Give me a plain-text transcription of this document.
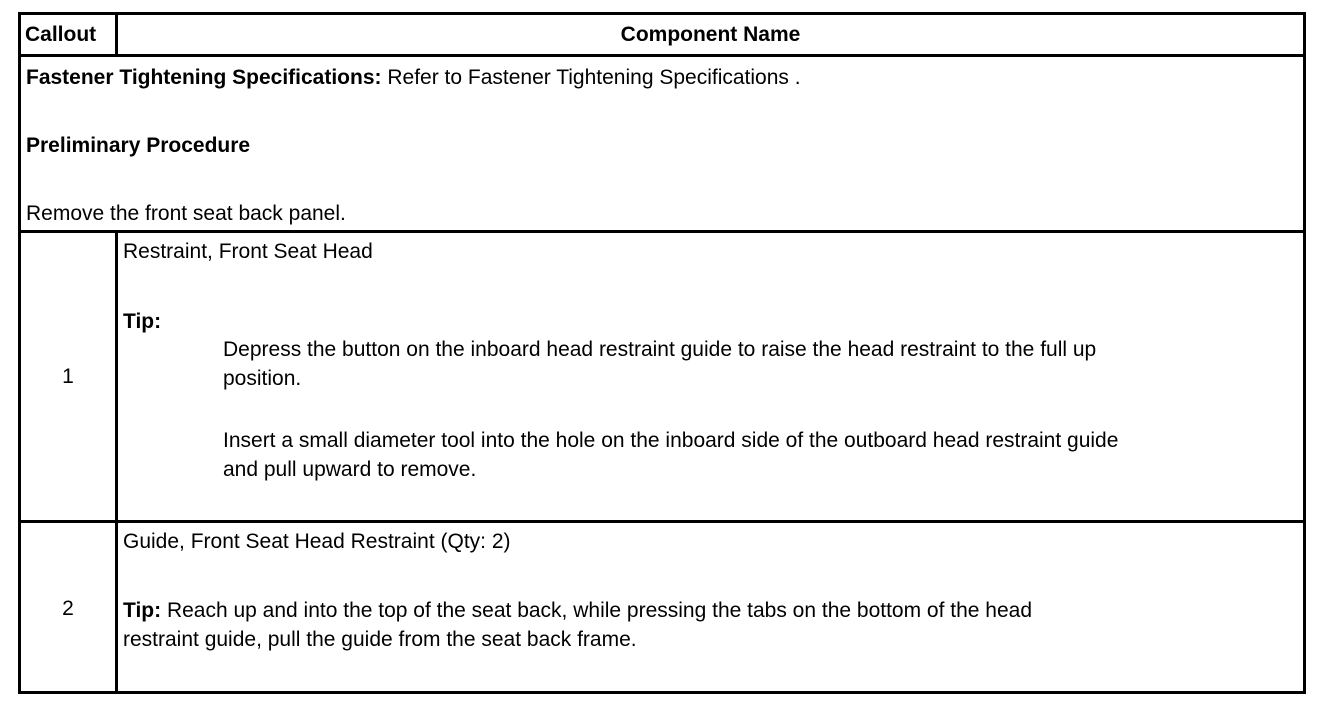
Callout	Component Name
Fastener Tightening Specifications: Refer to Fastener Tightening Specifications .
Preliminary Procedure
Remove the front seat back panel.
1
Restraint, Front Seat Head
Tip:
Depress the button on the inboard head restraint guide to raise the head restraint to the full up
position.
Insert a small diameter tool into the hole on the inboard side of the outboard head restraint guide
and pull upward to remove.
2
Guide, Front Seat Head Restraint (Qty: 2)
Tip: Reach up and into the top of the seat back, while pressing the tabs on the bottom of the head
restraint guide, pull the guide from the seat back frame.
